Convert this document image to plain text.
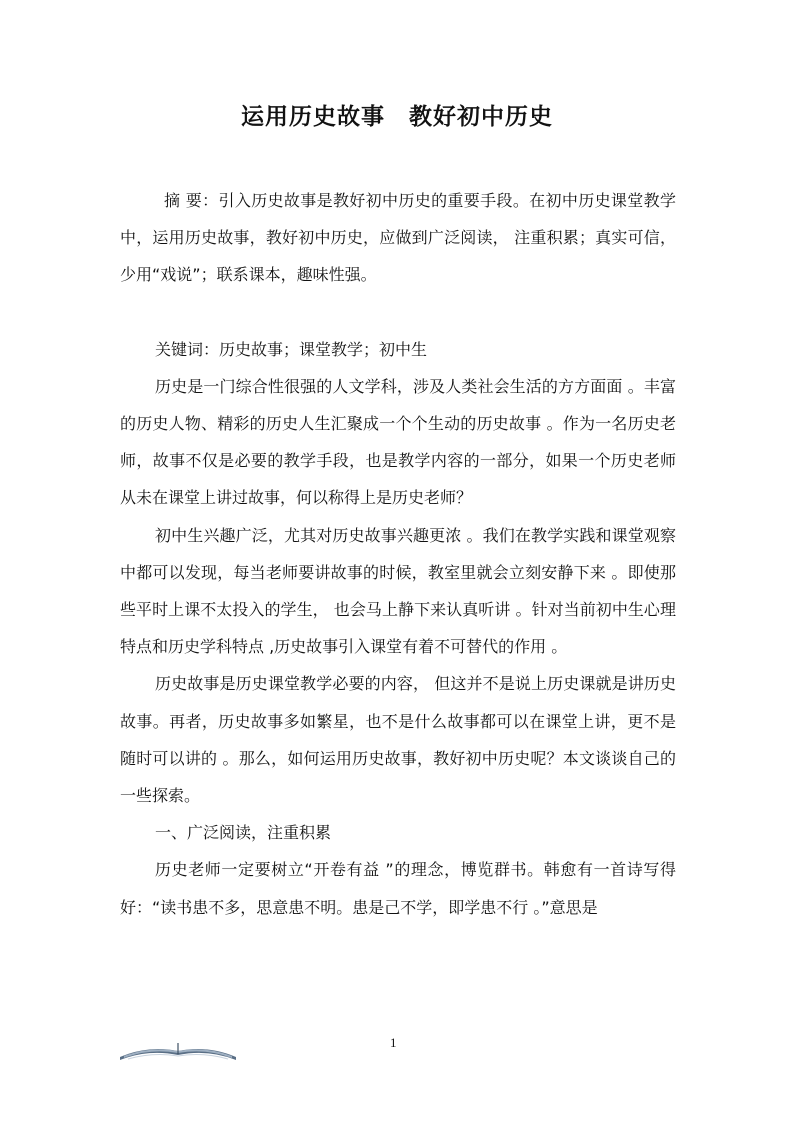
运用历史故事　教好初中历史

摘 要：引入历史故事是教好初中历史的重要手段。在初中历史课堂教学中，运用历史故事，教好初中历史，应做到广泛阅读， 注重积累；真实可信，少用“戏说”；联系课本，趣味性强。

关键词：历史故事；课堂教学；初中生

历史是一门综合性很强的人文学科，涉及人类社会生活的方方面面 。丰富的历史人物、精彩的历史人生汇聚成一个个生动的历史故事 。作为一名历史老师，故事不仅是必要的教学手段，也是教学内容的一部分，如果一个历史老师从未在课堂上讲过故事，何以称得上是历史老师？

初中生兴趣广泛，尤其对历史故事兴趣更浓 。我们在教学实践和课堂观察中都可以发现，每当老师要讲故事的时候，教室里就会立刻安静下来 。即使那些平时上课不太投入的学生， 也会马上静下来认真听讲 。针对当前初中生心理特点和历史学科特点 ,历史故事引入课堂有着不可替代的作用 。

历史故事是历史课堂教学必要的内容， 但这并不是说上历史课就是讲历史故事。再者，历史故事多如繁星，也不是什么故事都可以在课堂上讲，更不是随时可以讲的 。那么，如何运用历史故事，教好初中历史呢？本文谈谈自己的一些探索。

一、广泛阅读，注重积累

历史老师一定要树立“开卷有益 ”的理念，博览群书。韩愈有一首诗写得好：“读书患不多，思意患不明。患是己不学，即学患不行 。”意思是

1
